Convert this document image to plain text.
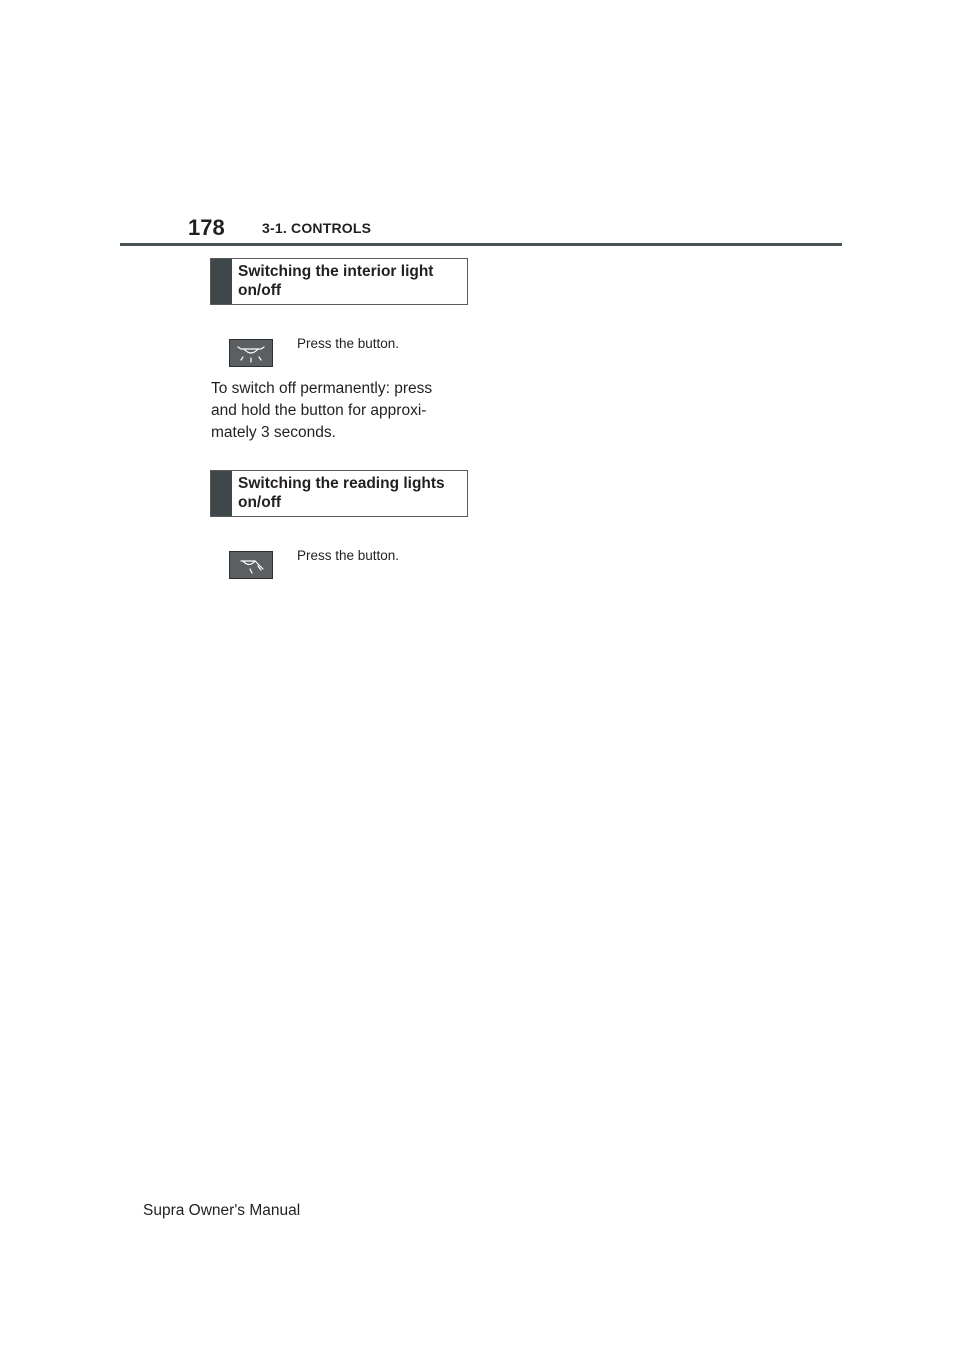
178	3-1. CONTROLS
Switching the interior light on/off
Press the button.
To switch off permanently: press and hold the button for approxi-mately 3 seconds.
Switching the reading lights on/off
Press the button.
Supra Owner's Manual
